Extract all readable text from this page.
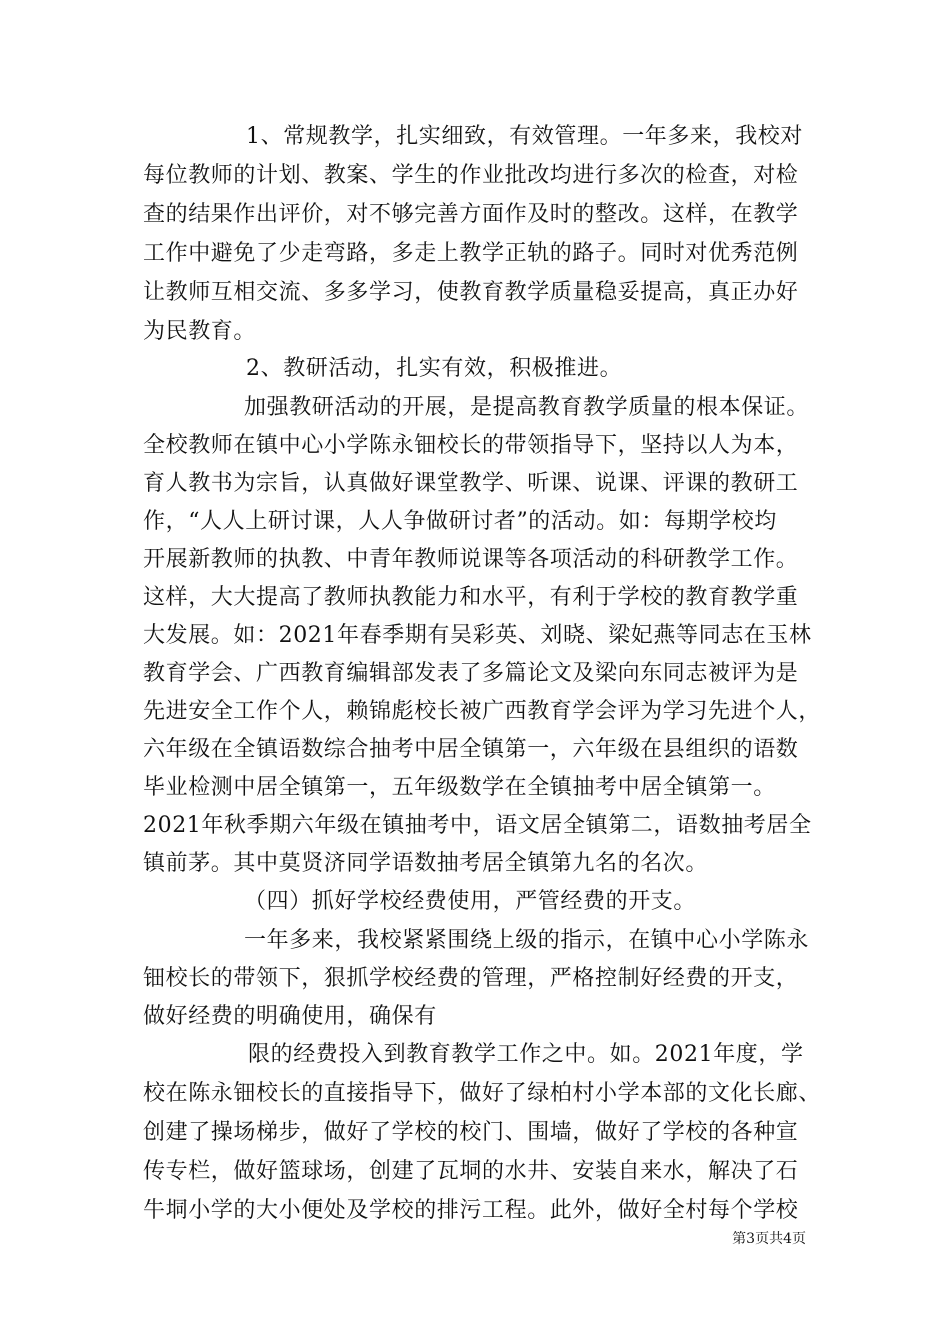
1、常规教学，扎实细致，有效管理。一年多来，我校对
每位教师的计划、教案、学生的作业批改均进行多次的检查，对检
查的结果作出评价，对不够完善方面作及时的整改。这样，在教学
工作中避免了少走弯路，多走上教学正轨的路子。同时对优秀范例
让教师互相交流、多多学习，使教育教学质量稳妥提高，真正办好
为民教育。
2、教研活动，扎实有效，积极推进。
加强教研活动的开展，是提高教育教学质量的根本保证。
全校教师在镇中心小学陈永钿校长的带领指导下，坚持以人为本，
育人教书为宗旨，认真做好课堂教学、听课、说课、评课的教研工
作，“人人上研讨课，人人争做研讨者”的活动。如：每期学校均
开展新教师的执教、中青年教师说课等各项活动的科研教学工作。
这样，大大提高了教师执教能力和水平，有利于学校的教育教学重
大发展。如：2021年春季期有吴彩英、刘晓、梁妃燕等同志在玉林
教育学会、广西教育编辑部发表了多篇论文及梁向东同志被评为是
先进安全工作个人，赖锦彪校长被广西教育学会评为学习先进个人，
六年级在全镇语数综合抽考中居全镇第一，六年级在县组织的语数
毕业检测中居全镇第一，五年级数学在全镇抽考中居全镇第一。
2021年秋季期六年级在镇抽考中，语文居全镇第二，语数抽考居全
镇前茅。其中莫贤济同学语数抽考居全镇第九名的名次。
（四）抓好学校经费使用，严管经费的开支。
一年多来，我校紧紧围绕上级的指示，在镇中心小学陈永
钿校长的带领下，狠抓学校经费的管理，严格控制好经费的开支，
做好经费的明确使用，确保有
限的经费投入到教育教学工作之中。如。2021年度，学
校在陈永钿校长的直接指导下，做好了绿柏村小学本部的文化长廊、
创建了操场梯步，做好了学校的校门、围墙，做好了学校的各种宣
传专栏，做好篮球场，创建了瓦垌的水井、安装自来水，解决了石
牛垌小学的大小便处及学校的排污工程。此外，做好全村每个学校
第3页共4页
